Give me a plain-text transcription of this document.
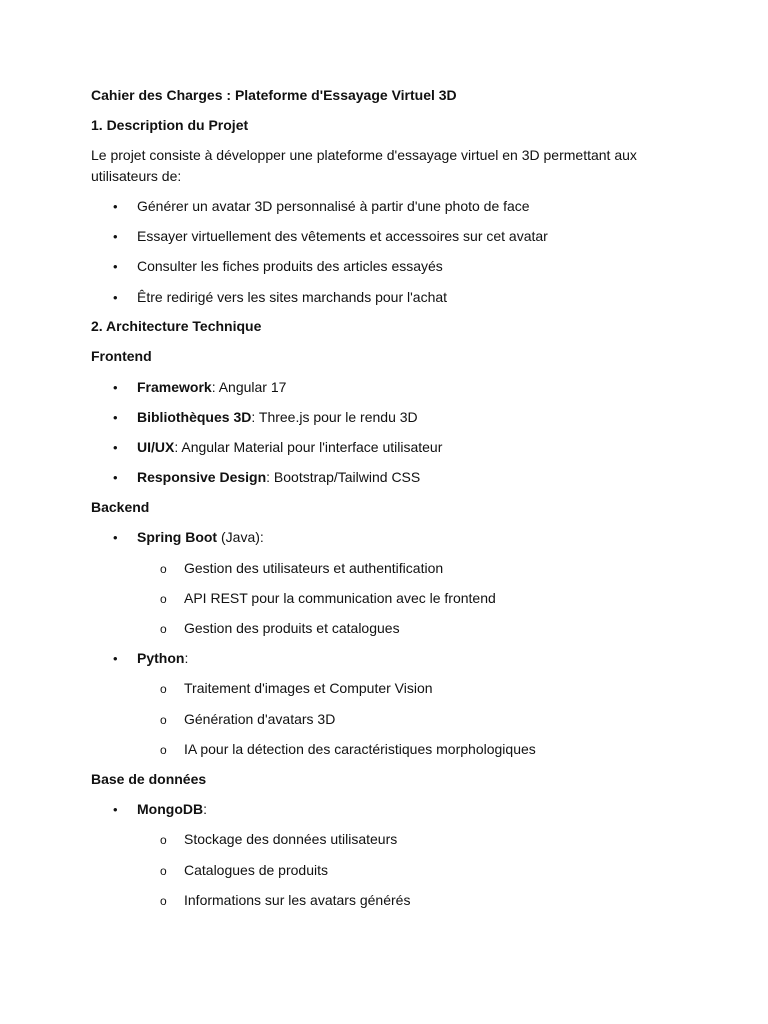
Cahier des Charges : Plateforme d'Essayage Virtuel 3D
1. Description du Projet
Le projet consiste à développer une plateforme d'essayage virtuel en 3D permettant aux
utilisateurs de:
• Générer un avatar 3D personnalisé à partir d'une photo de face
• Essayer virtuellement des vêtements et accessoires sur cet avatar
• Consulter les fiches produits des articles essayés
• Être redirigé vers les sites marchands pour l'achat
2. Architecture Technique
Frontend
• Framework: Angular 17
• Bibliothèques 3D: Three.js pour le rendu 3D
• UI/UX: Angular Material pour l'interface utilisateur
• Responsive Design: Bootstrap/Tailwind CSS
Backend
• Spring Boot (Java):
o Gestion des utilisateurs et authentification
o API REST pour la communication avec le frontend
o Gestion des produits et catalogues
• Python:
o Traitement d'images et Computer Vision
o Génération d'avatars 3D
o IA pour la détection des caractéristiques morphologiques
Base de données
• MongoDB:
o Stockage des données utilisateurs
o Catalogues de produits
o Informations sur les avatars générés
